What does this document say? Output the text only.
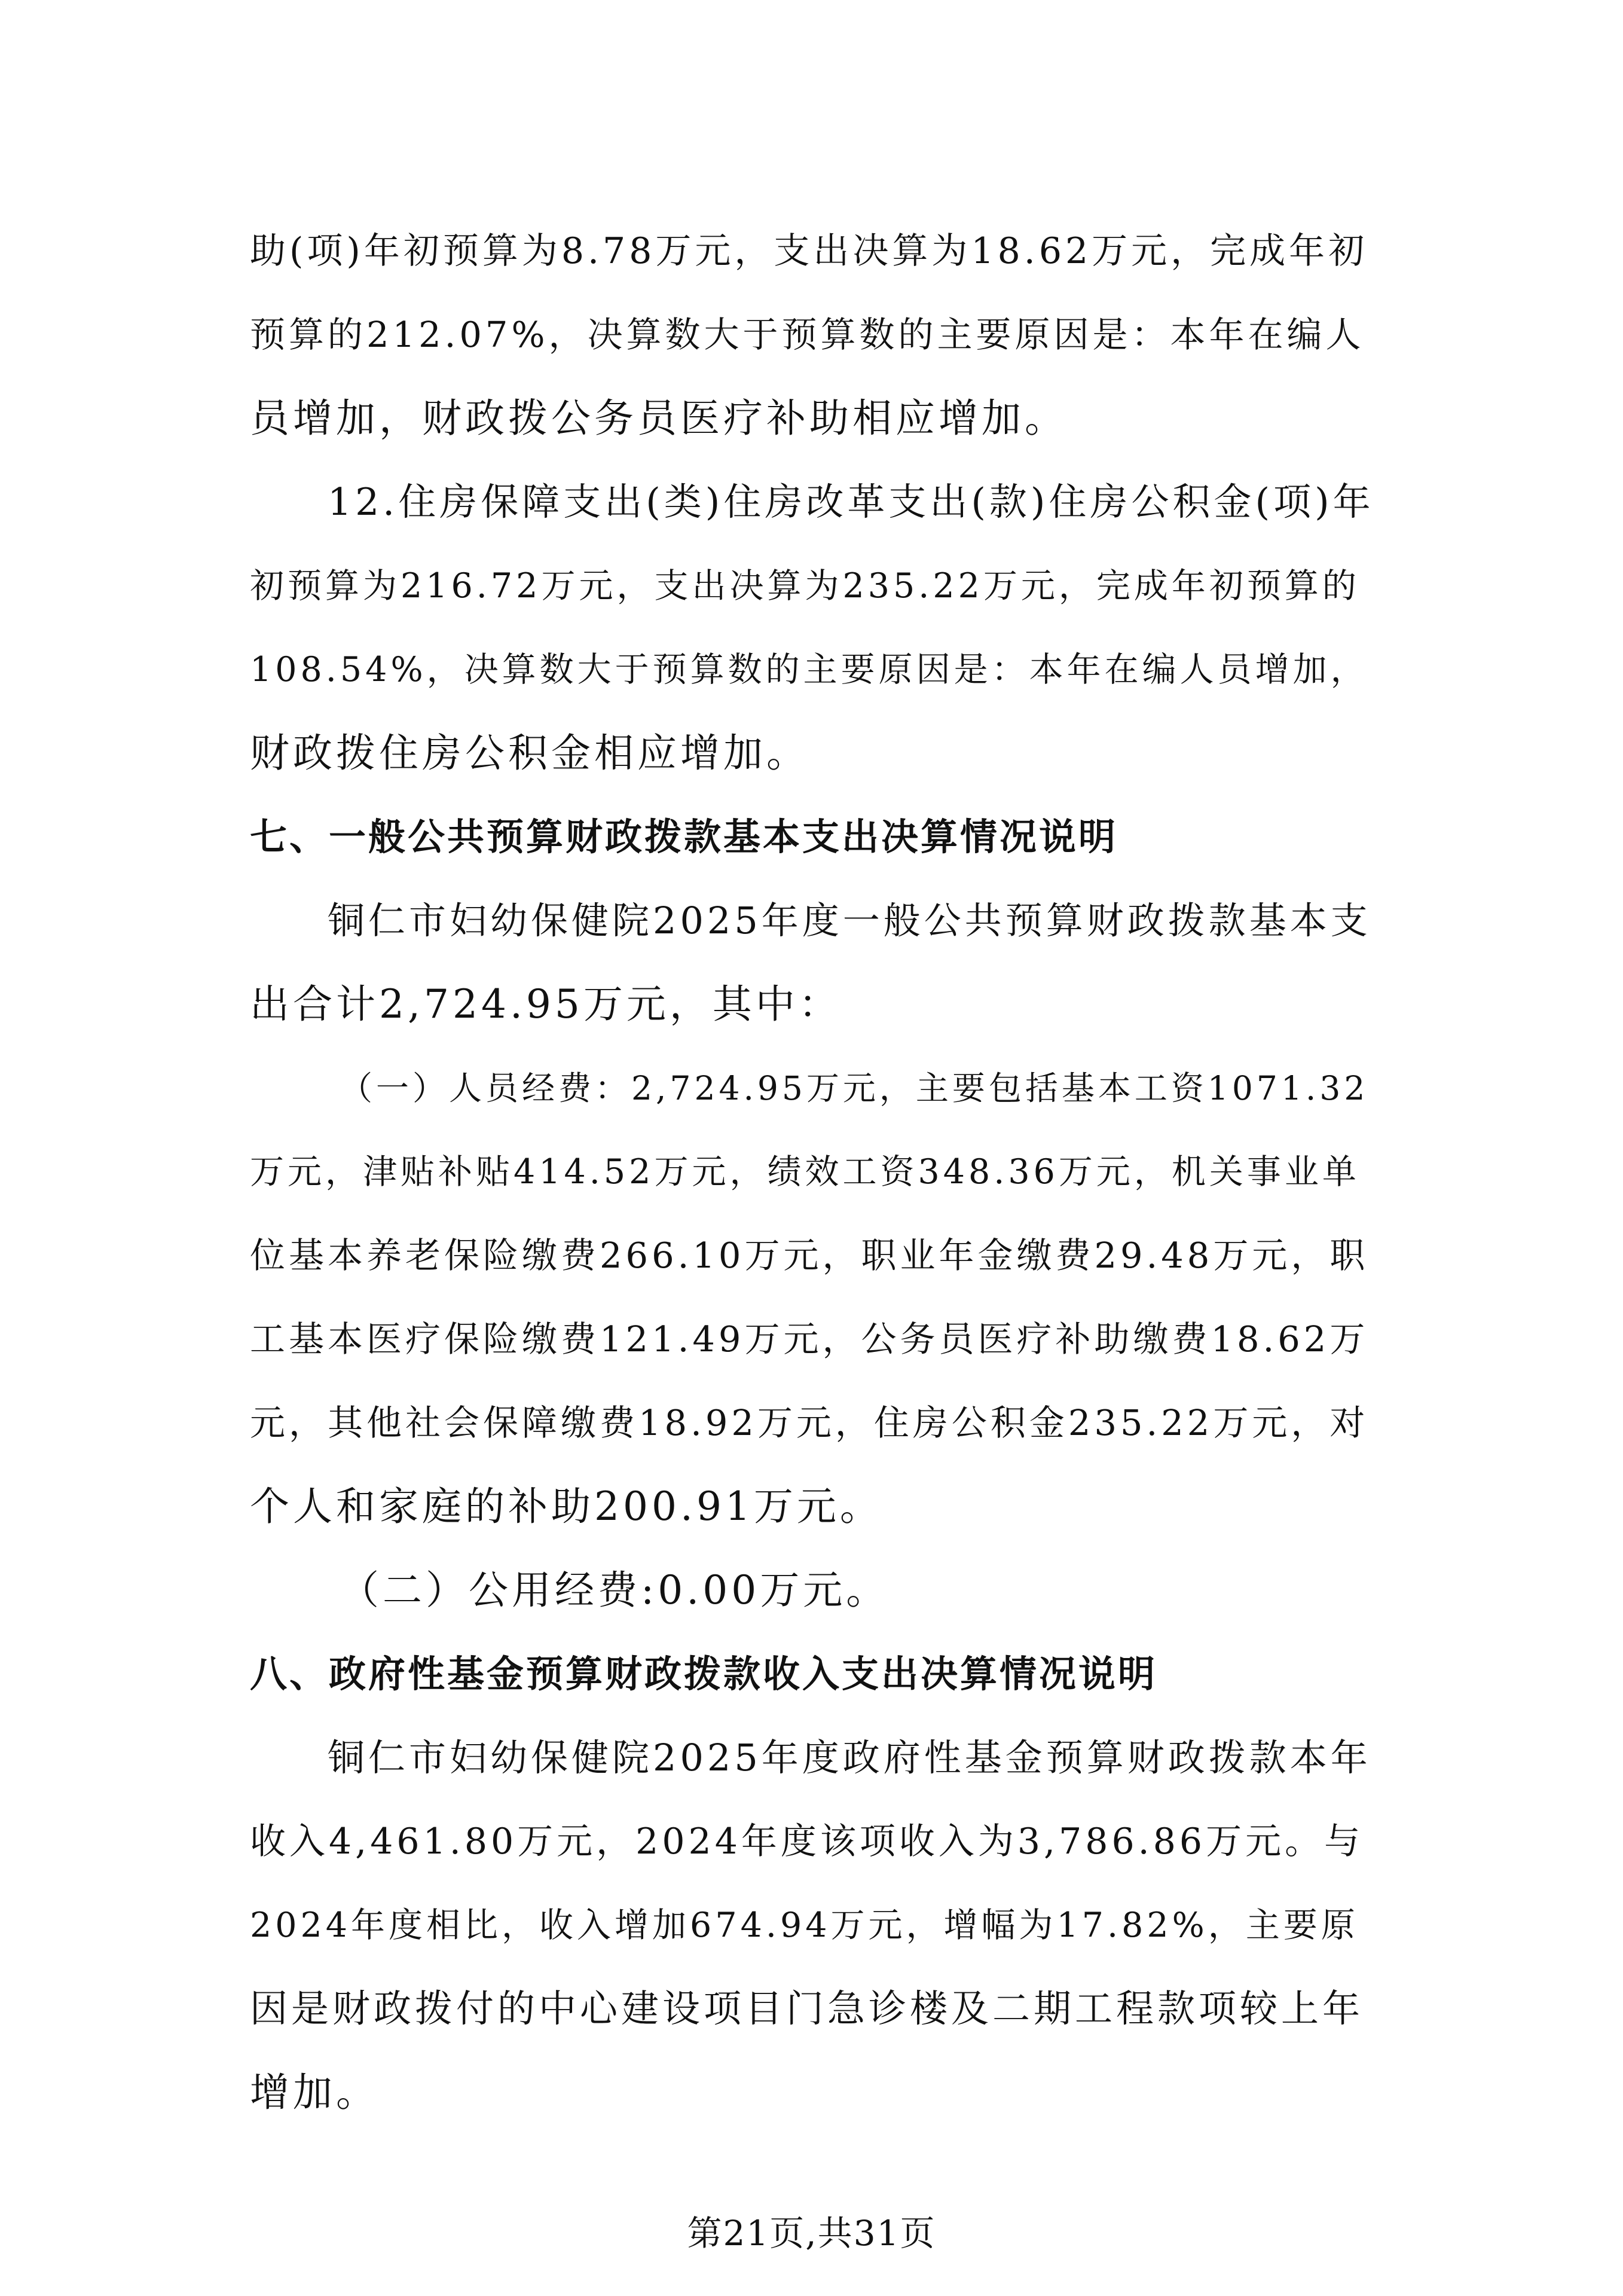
助(项)年初预算为8.78万元，支出决算为18.62万元，完成年初
预算的212.07%，决算数大于预算数的主要原因是：本年在编人
员增加，财政拨公务员医疗补助相应增加。
12.住房保障支出(类)住房改革支出(款)住房公积金(项)年
初预算为216.72万元，支出决算为235.22万元，完成年初预算的
108.54%，决算数大于预算数的主要原因是：本年在编人员增加，
财政拨住房公积金相应增加。
七、一般公共预算财政拨款基本支出决算情况说明
铜仁市妇幼保健院2025年度一般公共预算财政拨款基本支
出合计2,724.95万元，其中：
（一）人员经费：2,724.95万元，主要包括基本工资1071.32
万元，津贴补贴414.52万元，绩效工资348.36万元，机关事业单
位基本养老保险缴费266.10万元，职业年金缴费29.48万元，职
工基本医疗保险缴费121.49万元，公务员医疗补助缴费18.62万
元，其他社会保障缴费18.92万元，住房公积金235.22万元，对
个人和家庭的补助200.91万元。
（二）公用经费:0.00万元。
八、政府性基金预算财政拨款收入支出决算情况说明
铜仁市妇幼保健院2025年度政府性基金预算财政拨款本年
收入4,461.80万元，2024年度该项收入为3,786.86万元。与
2024年度相比，收入增加674.94万元，增幅为17.82%，主要原
因是财政拨付的中心建设项目门急诊楼及二期工程款项较上年
增加。
第21页,共31页
